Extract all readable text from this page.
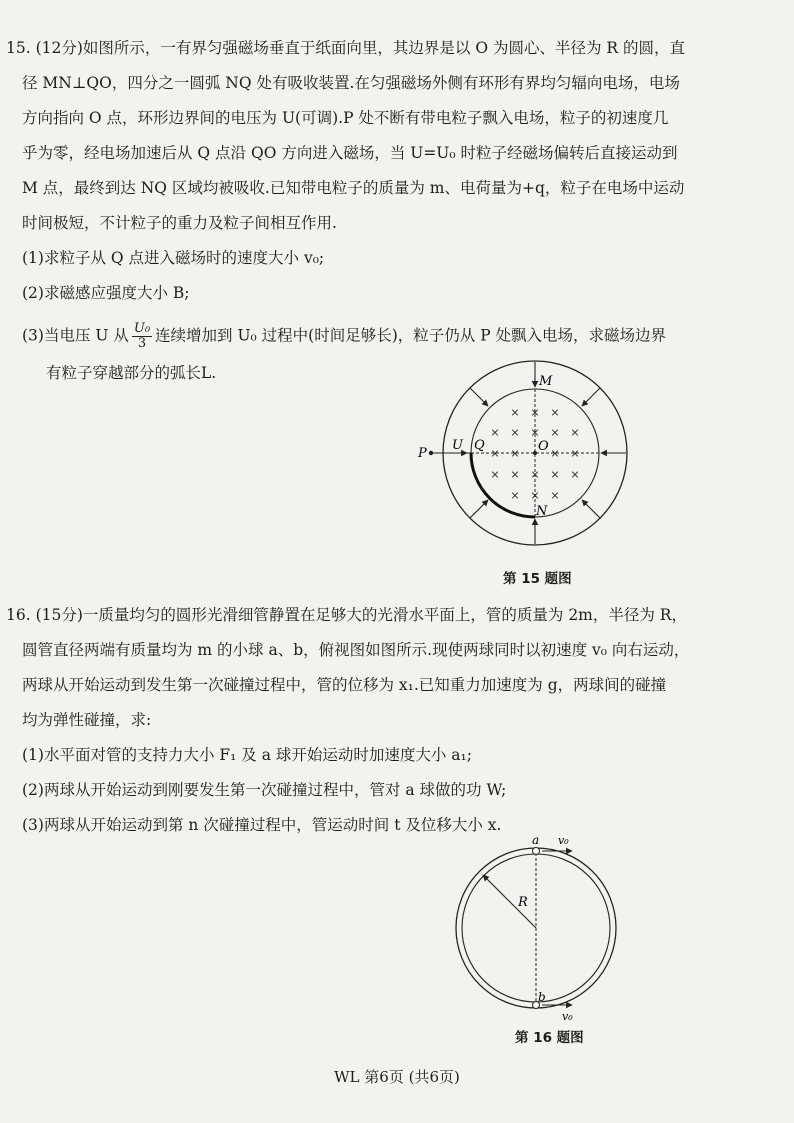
15. (12分)如图所示，一有界匀强磁场垂直于纸面向里，其边界是以 O 为圆心、半径为 R 的圆，直
径 MN⊥QO，四分之一圆弧 NQ 处有吸收装置.在匀强磁场外侧有环形有界均匀辐向电场，电场
方向指向 O 点，环形边界间的电压为 U(可调).P 处不断有带电粒子飘入电场，粒子的初速度几
乎为零，经电场加速后从 Q 点沿 QO 方向进入磁场，当 U=U₀ 时粒子经磁场偏转后直接运动到
M 点，最终到达 NQ 区域均被吸收.已知带电粒子的质量为 m、电荷量为+q，粒子在电场中运动
时间极短，不计粒子的重力及粒子间相互作用.
(1)求粒子从 Q 点进入磁场时的速度大小 v₀;
(2)求磁感应强度大小 B;
(3)当电压 U 从 $\frac{\text{U₀}}{3}$ 连续增加到 U₀ 过程中(时间足够长)，粒子仍从 P 处飘入电场，求磁场边界
有粒子穿越部分的弧长L.
× × ×
× × × × ×
× ×	× ×
× × × × ×
× × ×
M
N
P
U Q	O
第 15 题图
16. (15分)一质量均匀的圆形光滑细管静置在足够大的光滑水平面上，管的质量为 2m，半径为 R，
圆管直径两端有质量均为 m 的小球 a、b，俯视图如图所示.现使两球同时以初速度 v₀ 向右运动，
两球从开始运动到发生第一次碰撞过程中，管的位移为 x₁.已知重力加速度为 g，两球间的碰撞
均为弹性碰撞，求:
(1)水平面对管的支持力大小 F₁ 及 a 球开始运动时加速度大小 a₁;
(2)两球从开始运动到刚要发生第一次碰撞过程中，管对 a 球做的功 W;
(3)两球从开始运动到第 n 次碰撞过程中，管运动时间 t 及位移大小 x.
a
b
v₀
v₀
R
第 16 题图
WL 第6页 (共6页)
